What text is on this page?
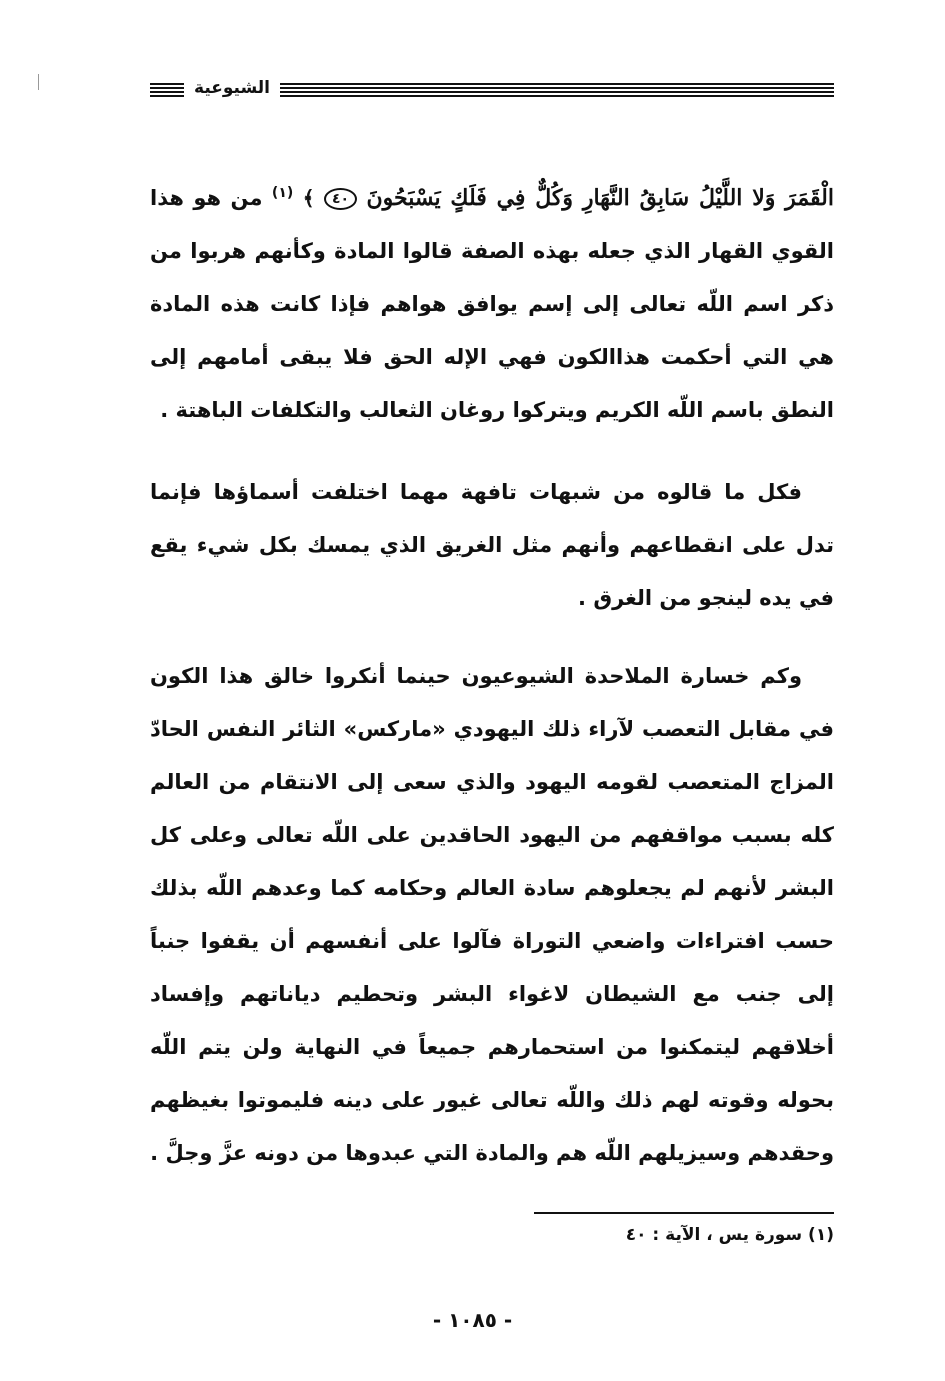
الشيوعية

الْقَمَرَ وَلا اللَّيْلُ سَابِقُ النَّهَارِ وَكُلٌّ فِي فَلَكٍ يَسْبَحُونَ ٤٠ ﴾ $^{(١)}$ من هو هذا القوي القهار الذي جعله بهذه الصفة قالوا المادة وكأنهم هربوا من ذكر اسم اللّه تعالى إلى إسم يوافق هواهم فإذا كانت هذه المادة هي التي أحكمت هذاالكون فهي الإله الحق فلا يبقى أمامهم إلى النطق باسم اللّه الكريم ويتركوا روغان الثعالب والتكلفات الباهتة .

فكل ما قالوه من شبهات تافهة مهما اختلفت أسماؤها فإنما تدل على انقطاعهم وأنهم مثل الغريق الذي يمسك بكل شيء يقع في يده لينجو من الغرق .

وكم خسارة الملاحدة الشيوعيون حينما أنكروا خالق هذا الكون في مقابل التعصب لآراء ذلك اليهودي «ماركس» الثائر النفس الحادّ المزاج المتعصب لقومه اليهود والذي سعى إلى الانتقام من العالم كله بسبب مواقفهم من اليهود الحاقدين على اللّه تعالى وعلى كل البشر لأنهم لم يجعلوهم سادة العالم وحكامه كما وعدهم اللّه بذلك حسب افتراءات واضعي التوراة فآلوا على أنفسهم أن يقفوا جنباً إلى جنب مع الشيطان لاغواء البشر وتحطيم دياناتهم وإفساد أخلاقهم ليتمكنوا من استحمارهم جميعاً في النهاية ولن يتم اللّه بحوله وقوته لهم ذلك واللّه تعالى غيور على دينه فليموتوا بغيظهم وحقدهم وسيزيلهم اللّه هم والمادة التي عبدوها من دونه عزَّ وجلَّ .

(١) سورة يس ، الآية : ٤٠
- ١٠٨٥ -
